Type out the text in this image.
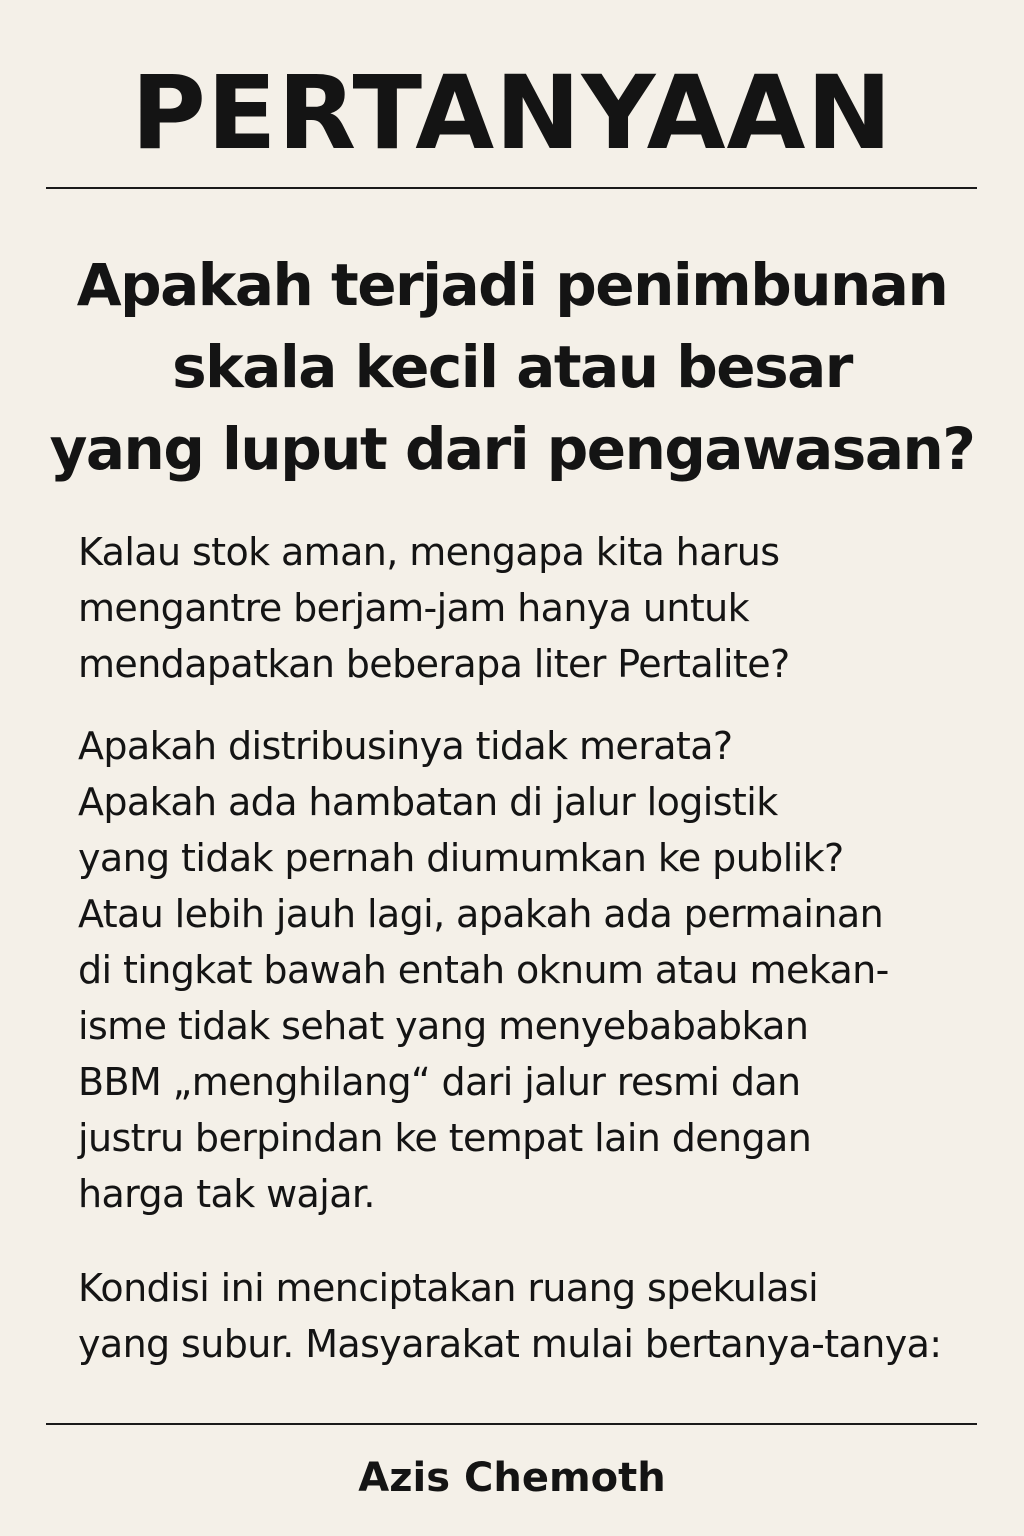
PERTANYAAN
Apakah terjadi penimbunan
skala kecil atau besar
yang luput dari pengawasan?

Kalau stok aman, mengapa kita harus
mengantre berjam-jam hanya untuk
mendapatkan beberapa liter Pertalite?

Apakah distribusinya tidak merata?
Apakah ada hambatan di jalur logistik
yang tidak pernah diumumkan ke publik?
Atau lebih jauh lagi, apakah ada permainan
di tingkat bawah entah oknum atau mekan-
isme tidak sehat yang menyebababkan
BBM „menghilang“ dari jalur resmi dan
justru berpindan ke tempat lain dengan
harga tak wajar.

Kondisi ini menciptakan ruang spekulasi
yang subur. Masyarakat mulai bertanya-tanya:

Azis Chemoth
